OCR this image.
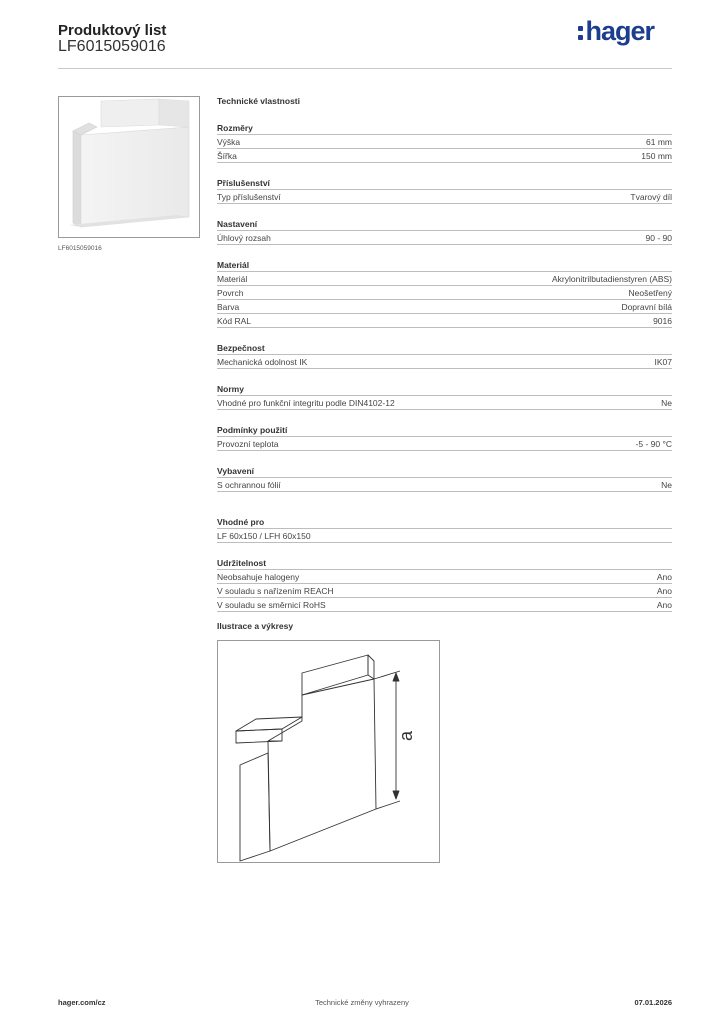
Produktový list
LF6015059016
hager
LF6015059016
Technické vlastnosti
Rozměry
Výška	61 mm
Šířka	150 mm
Příslušenství
Typ příslušenství	Tvarový díl
Nastavení
Úhlový rozsah	90 - 90
Materiál
Materiál	Akrylonitrilbutadienstyren (ABS)
Povrch	Neošetřený
Barva	Dopravní bílá
Kód RAL	9016
Bezpečnost
Mechanická odolnost IK	IK07
Normy
Vhodné pro funkční integritu podle DIN4102-12	Ne
Podmínky použití
Provozní teplota	-5 - 90 °C
Vybavení
S ochrannou fólií	Ne
Vhodné pro
LF 60x150 / LFH 60x150
Udržitelnost
Neobsahuje halogeny	Ano
V souladu s nařízením REACH	Ano
V souladu se směrnicí RoHS	Ano
Ilustrace a výkresy
a
Technické změny vyhrazeny
hager.com/cz	07.01.2026
